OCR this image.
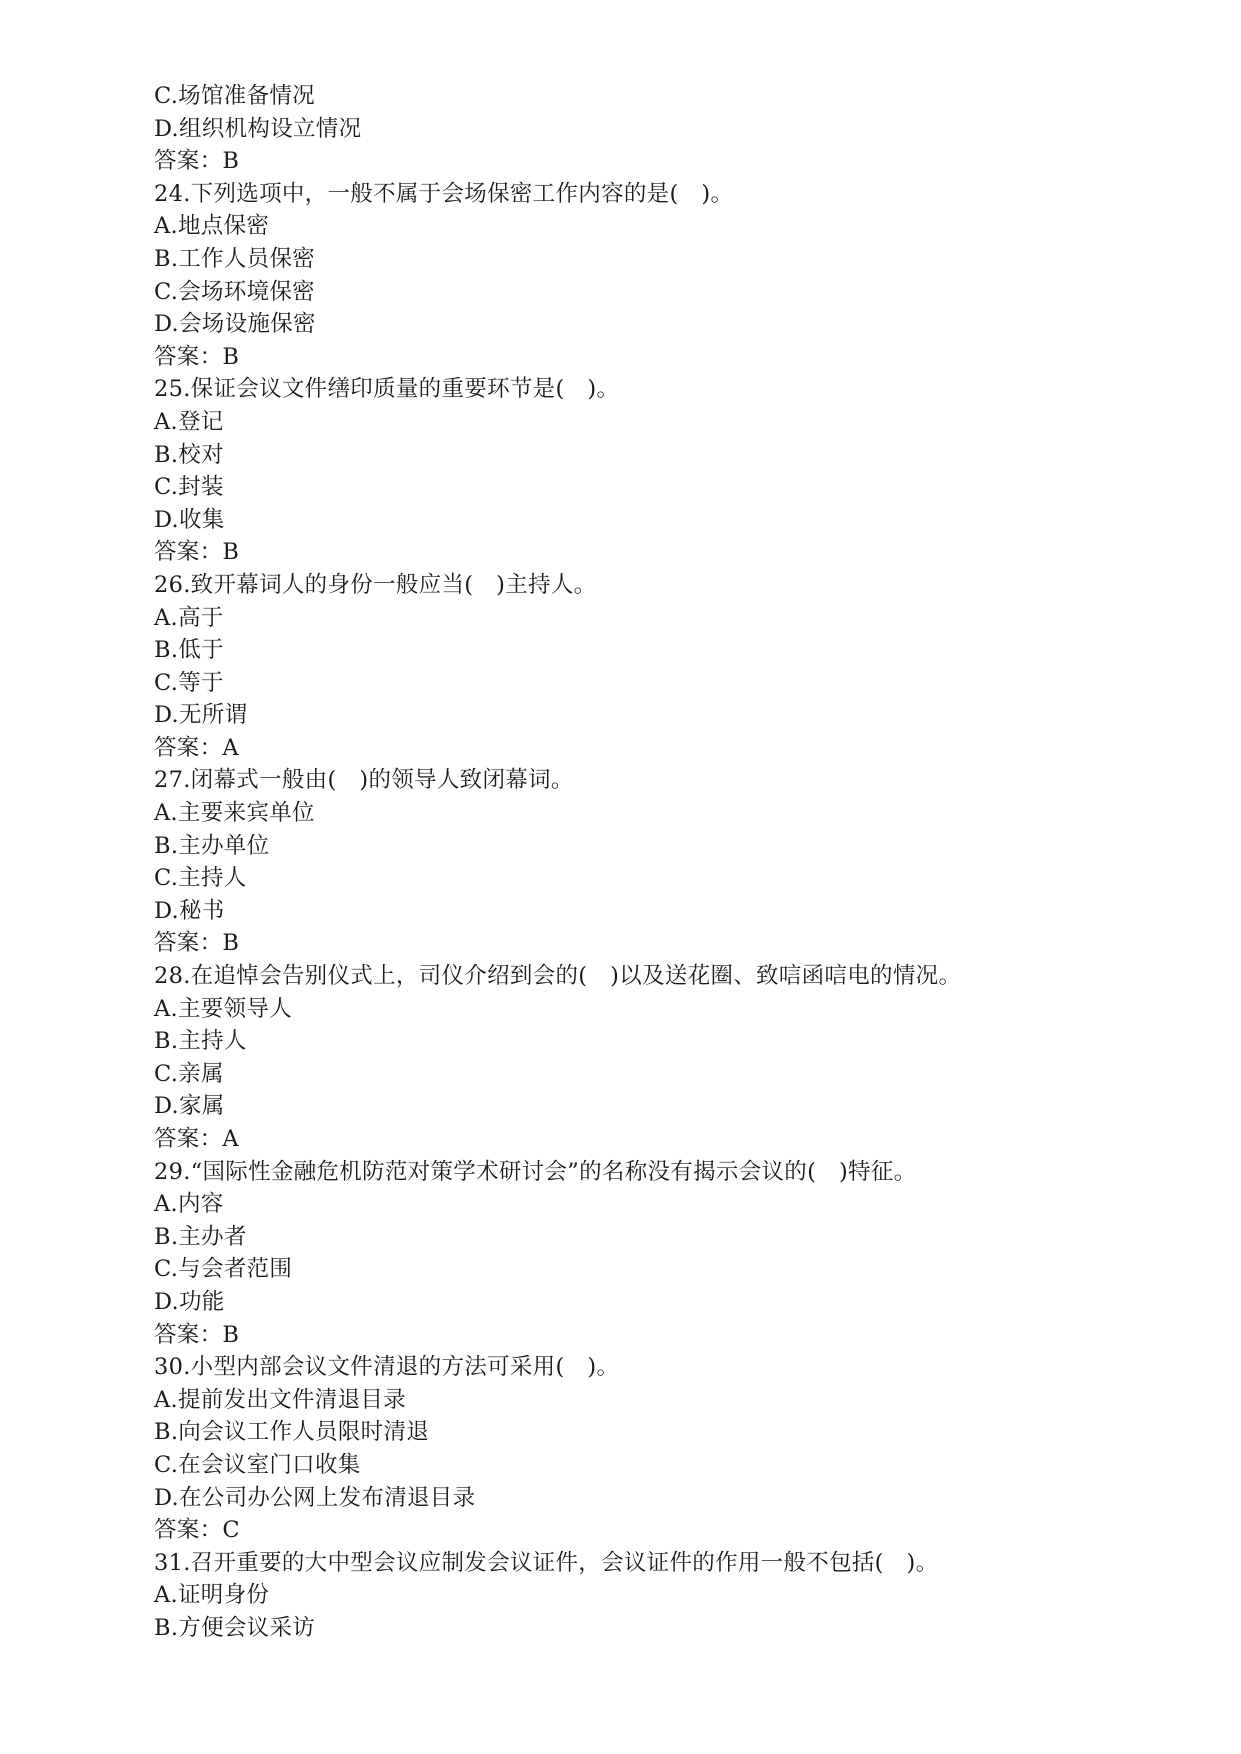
C.场馆准备情况
D.组织机构设立情况
答案：B
24.下列选项中，一般不属于会场保密工作内容的是(　)。
A.地点保密
B.工作人员保密
C.会场环境保密
D.会场设施保密
答案：B
25.保证会议文件缮印质量的重要环节是(　)。
A.登记
B.校对
C.封装
D.收集
答案：B
26.致开幕词人的身份一般应当(　)主持人。
A.高于
B.低于
C.等于
D.无所谓
答案：A
27.闭幕式一般由(　)的领导人致闭幕词。
A.主要来宾单位
B.主办单位
C.主持人
D.秘书
答案：B
28.在追悼会告别仪式上，司仪介绍到会的(　)以及送花圈、致唁函唁电的情况。
A.主要领导人
B.主持人
C.亲属
D.家属
答案：A
29.“国际性金融危机防范对策学术研讨会”的名称没有揭示会议的(　)特征。
A.内容
B.主办者
C.与会者范围
D.功能
答案：B
30.小型内部会议文件清退的方法可采用(　)。
A.提前发出文件清退目录
B.向会议工作人员限时清退
C.在会议室门口收集
D.在公司办公网上发布清退目录
答案：C
31.召开重要的大中型会议应制发会议证件，会议证件的作用一般不包括(　)。
A.证明身份
B.方便会议采访
